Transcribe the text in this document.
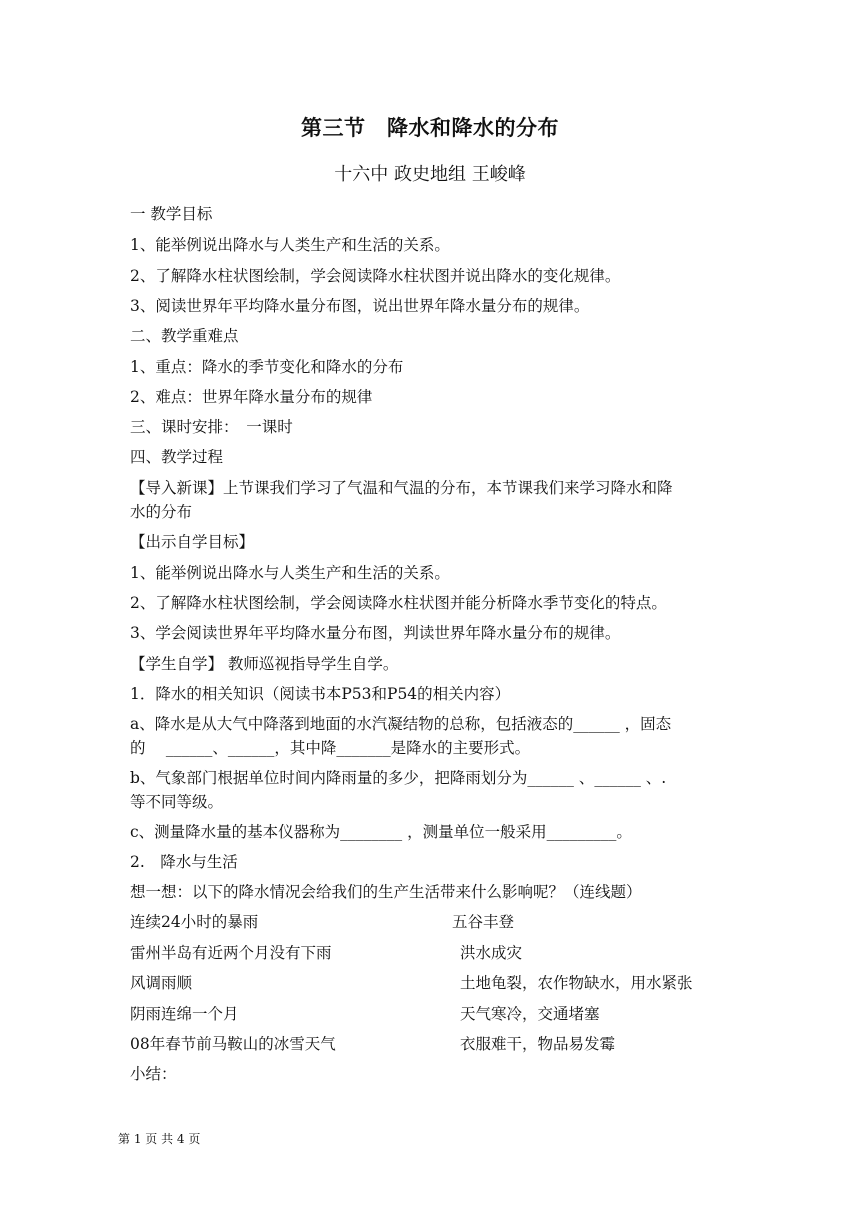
第三节　降水和降水的分布
十六中 政史地组 王峻峰
一 教学目标
1、能举例说出降水与人类生产和生活的关系。
2、了解降水柱状图绘制，学会阅读降水柱状图并说出降水的变化规律。
3、阅读世界年平均降水量分布图，说出世界年降水量分布的规律。
二、教学重难点
1、重点：降水的季节变化和降水的分布
2、难点：世界年降水量分布的规律
三、课时安排：　一课时
四、教学过程
【导入新课】上节课我们学习了气温和气温的分布，本节课我们来学习降水和降
水的分布
【出示自学目标】
1、能举例说出降水与人类生产和生活的关系。
2、了解降水柱状图绘制，学会阅读降水柱状图并能分析降水季节变化的特点。
3、学会阅读世界年平均降水量分布图，判读世界年降水量分布的规律。
【学生自学】 教师巡视指导学生自学。
1．降水的相关知识（阅读书本P53和P54的相关内容）
a、降水是从大气中降落到地面的水汽凝结物的总称，包括液态的______ ，固态
的　 ______、______，其中降_______是降水的主要形式。
b、气象部门根据单位时间内降雨量的多少，把降雨划分为______ 、______ 、.
等不同等级。
c、测量降水量的基本仪器称为________ ，测量单位一般采用_________。
2.　降水与生活
想一想：以下的降水情况会给我们的生产生活带来什么影响呢？（连线题）
连续24小时的暴雨
雷州半岛有近两个月没有下雨
风调雨顺
阴雨连绵一个月
08年春节前马鞍山的冰雪天气
五谷丰登
洪水成灾
土地龟裂，农作物缺水，用水紧张
天气寒冷，交通堵塞
衣服难干，物品易发霉
小结：
第 1 页 共 4 页
